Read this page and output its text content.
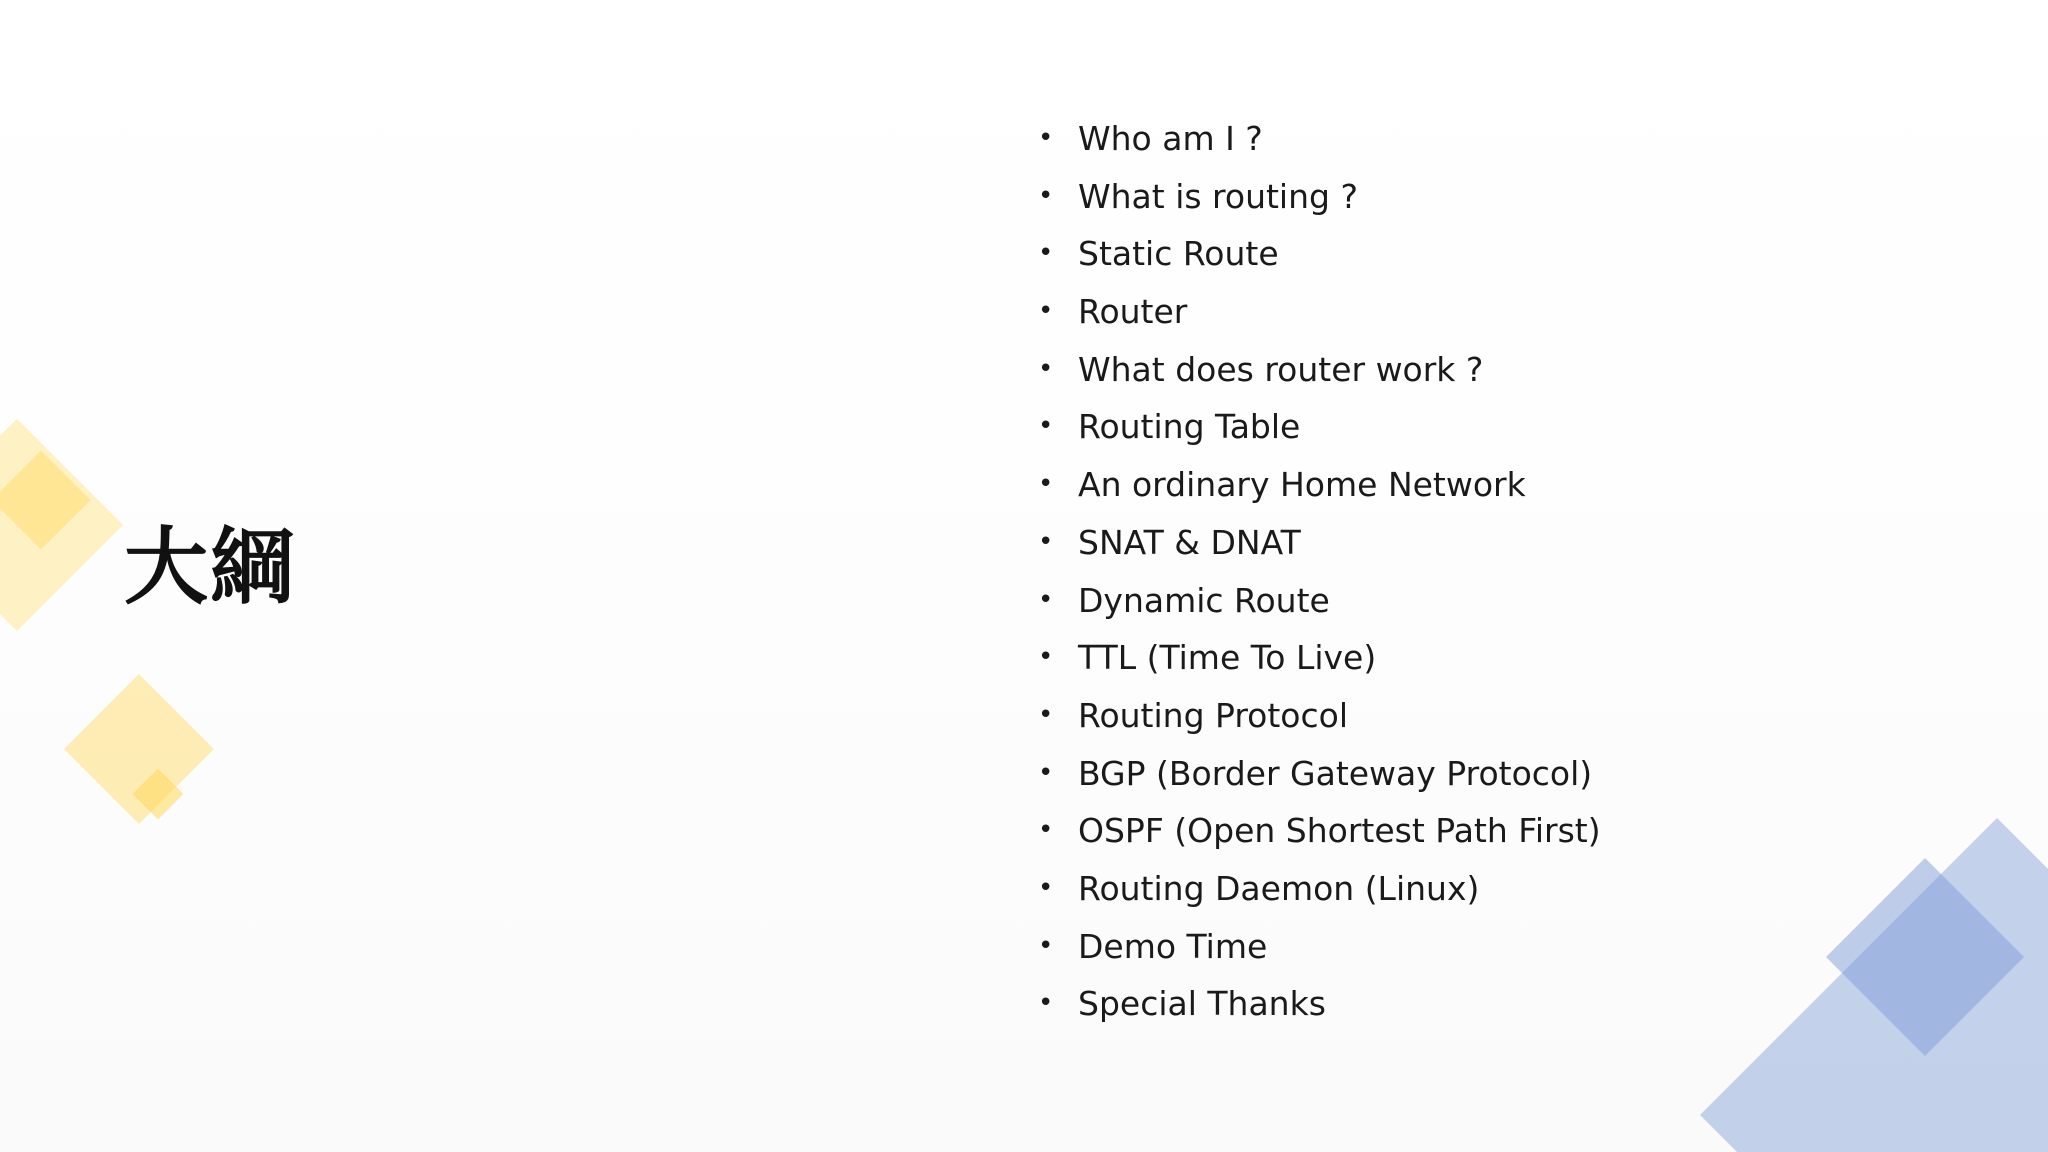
大綱
• Who am I ?
• What is routing ?
• Static Route
• Router
• What does router work ?
• Routing Table
• An ordinary Home Network
• SNAT & DNAT
• Dynamic Route
• TTL (Time To Live)
• Routing Protocol
• BGP (Border Gateway Protocol)
• OSPF (Open Shortest Path First)
• Routing Daemon (Linux)
• Demo Time
• Special Thanks
